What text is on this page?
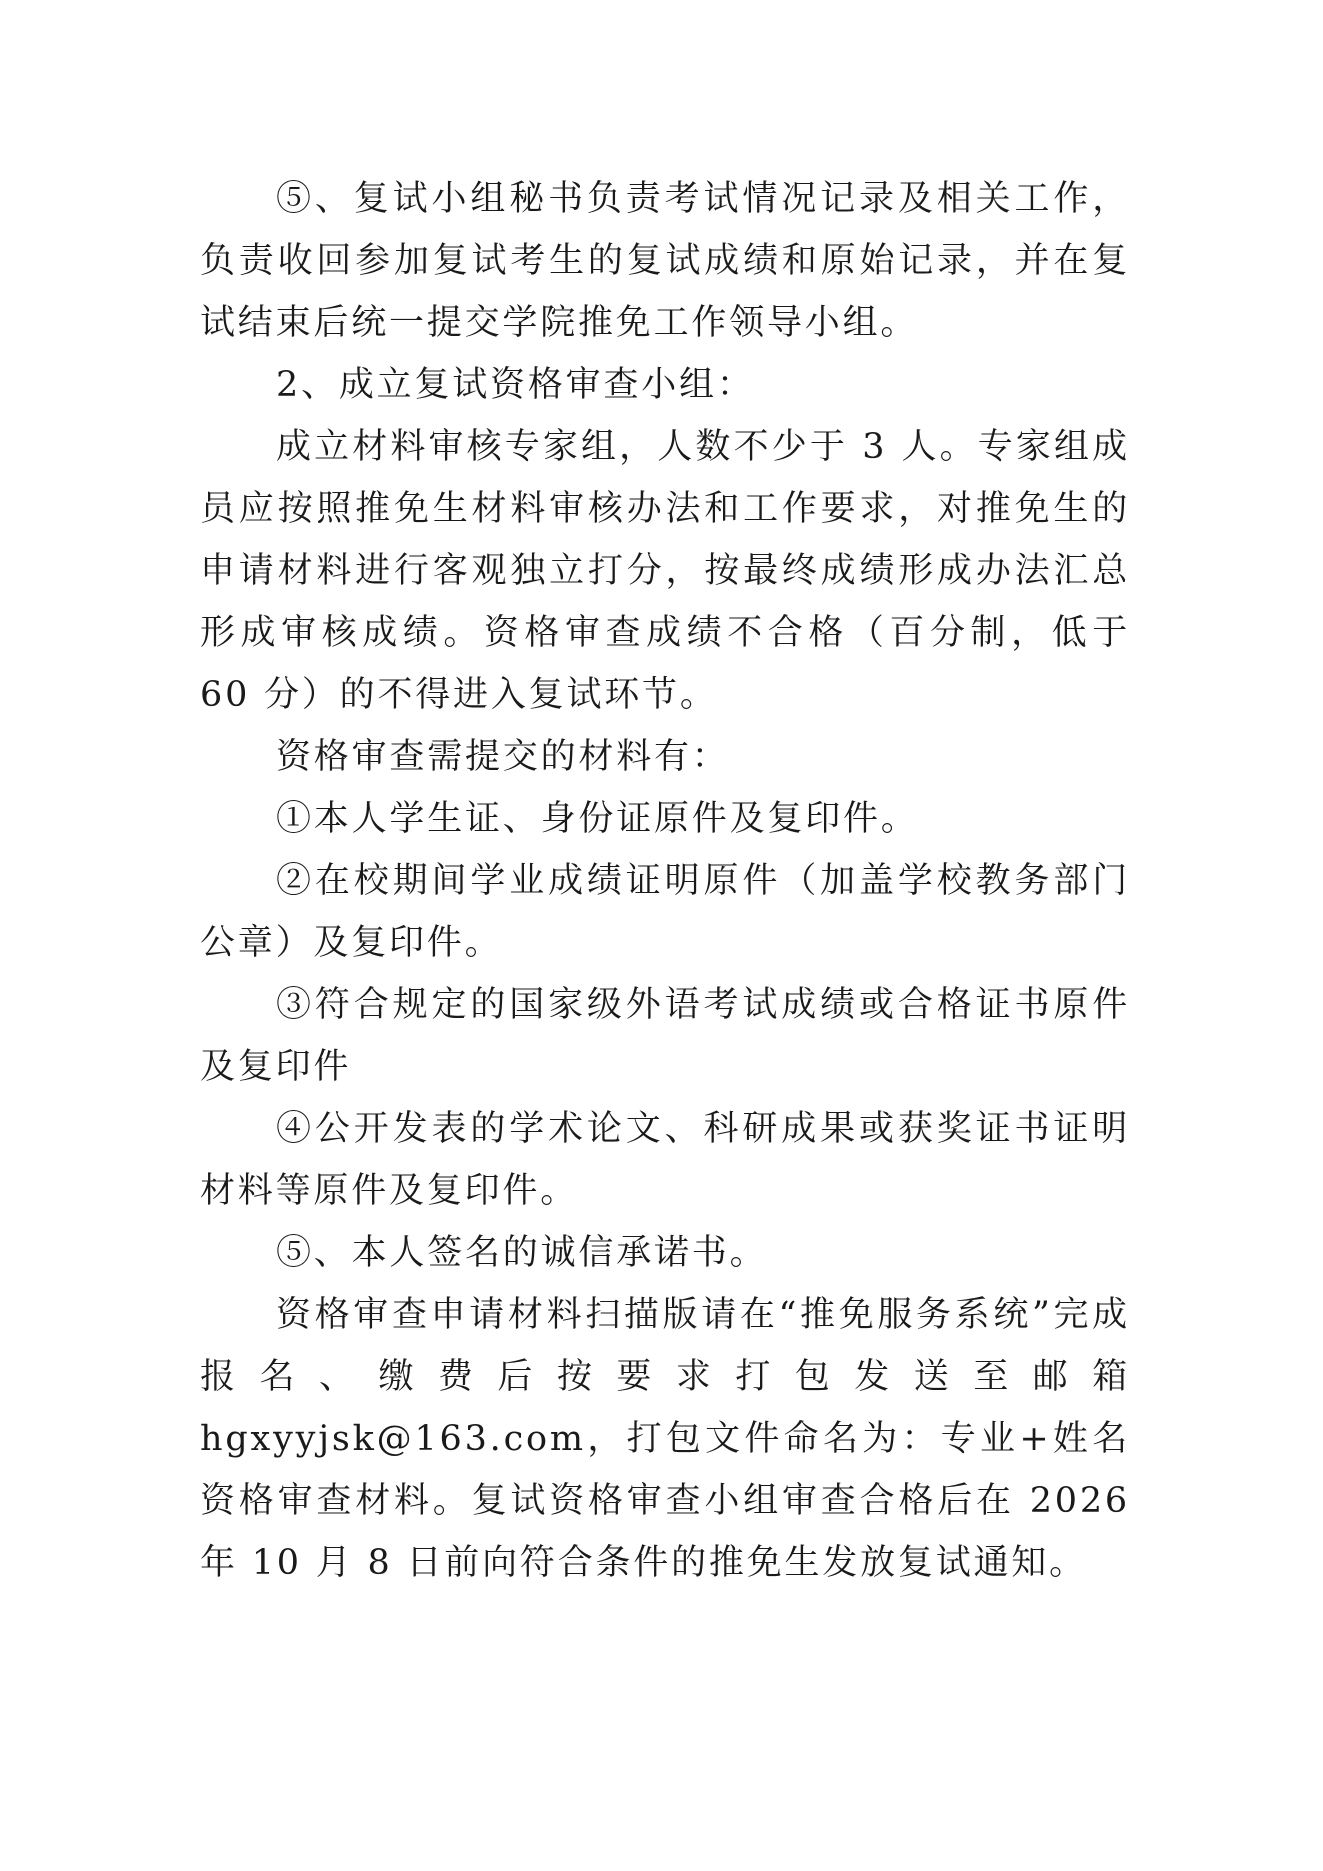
⑤、复试小组秘书负责考试情况记录及相关工作，负责收回参加复试考生的复试成绩和原始记录，并在复试结束后统一提交学院推免工作领导小组。

2、成立复试资格审查小组：

成立材料审核专家组，人数不少于 3 人。专家组成员应按照推免生材料审核办法和工作要求，对推免生的申请材料进行客观独立打分，按最终成绩形成办法汇总形成审核成绩。资格审查成绩不合格（百分制，低于 60 分）的不得进入复试环节。

资格审查需提交的材料有：

①本人学生证、身份证原件及复印件。

②在校期间学业成绩证明原件（加盖学校教务部门公章）及复印件。

③符合规定的国家级外语考试成绩或合格证书原件及复印件

④公开发表的学术论文、科研成果或获奖证书证明材料等原件及复印件。

⑤、本人签名的诚信承诺书。

资格审查申请材料扫描版请在“推免服务系统”完成报名、缴费后按要求打包发送至邮箱 hgxyyjsk@163.com，打包文件命名为：专业+姓名资格审查材料。复试资格审查小组审查合格后在 2026 年 10 月 8 日前向符合条件的推免生发放复试通知。
